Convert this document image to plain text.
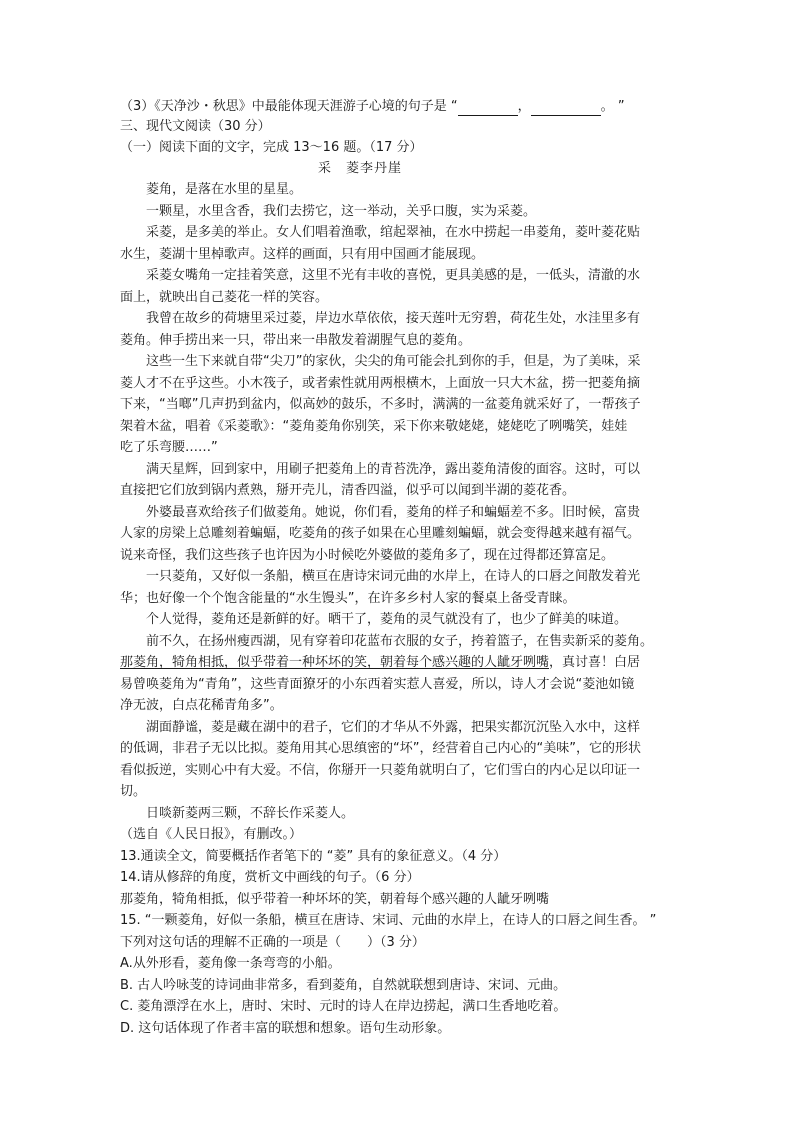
（3）《天净沙・秋思》中最能体现天涯游子心境的句子是 “	，	。 ”
三、现代文阅读（30 分）
（一）阅读下面的文字，完成 13～16 题。（17 分）
采　菱李丹崖
菱角，是落在水里的星星。
一颗星，水里含香，我们去捞它，这一举动，关乎口腹，实为采菱。
采菱，是多美的举止。女人们唱着渔歌，绾起翠袖，在水中捞起一串菱角，菱叶菱花贴
水生，菱湖十里棹歌声。这样的画面，只有用中国画才能展现。
采菱女嘴角一定挂着笑意，这里不光有丰收的喜悦，更具美感的是，一低头，清澈的水
面上，就映出自己菱花一样的笑容。
我曾在故乡的荷塘里采过菱，岸边水草依依，接天莲叶无穷碧，荷花生处，水洼里多有
菱角。伸手捞出来一只，带出来一串散发着湖腥气息的菱角。
这些一生下来就自带“尖刀”的家伙，尖尖的角可能会扎到你的手，但是，为了美味，采
菱人才不在乎这些。小木筏子，或者索性就用两根横木，上面放一只大木盆，捞一把菱角摘
下来，“当啷”几声扔到盆内，似高妙的鼓乐，不多时，满满的一盆菱角就采好了，一帮孩子
架着木盆，唱着《采菱歌》：“菱角菱角你别笑，采下你来敬姥姥，姥姥吃了咧嘴笑，娃娃
吃了乐弯腰……”
满天星辉，回到家中，用刷子把菱角上的青苔洗净，露出菱角清俊的面容。这时，可以
直接把它们放到锅内煮熟，掰开壳儿，清香四溢，似乎可以闻到半湖的菱花香。
外婆最喜欢给孩子们做菱角。她说，你们看，菱角的样子和蝙蝠差不多。旧时候，富贵
人家的房梁上总雕刻着蝙蝠，吃菱角的孩子如果在心里雕刻蝙蝠，就会变得越来越有福气。
说来奇怪，我们这些孩子也许因为小时候吃外婆做的菱角多了，现在过得都还算富足。
一只菱角，又好似一条船，横亘在唐诗宋词元曲的水岸上，在诗人的口唇之间散发着光
华；也好像一个个饱含能量的“水生馒头”，在许多乡村人家的餐桌上备受青睐。
个人觉得，菱角还是新鲜的好。晒干了，菱角的灵气就没有了，也少了鲜美的味道。
前不久，在扬州瘦西湖，见有穿着印花蓝布衣服的女子，挎着篮子，在售卖新采的菱角。
那菱角，犄角相抵，似乎带着一种坏坏的笑，朝着每个感兴趣的人龇牙咧嘴，真讨喜！白居
易曾唤菱角为“青角”，这些青面獠牙的小东西着实惹人喜爱，所以，诗人才会说“菱池如镜
净无波，白点花稀青角多”。
湖面静谧，菱是藏在湖中的君子，它们的才华从不外露，把果实都沉沉坠入水中，这样
的低调，非君子无以比拟。菱角用其心思缜密的“坏”，经营着自己内心的“美味”，它的形状
看似扳逆，实则心中有大爱。不信，你掰开一只菱角就明白了，它们雪白的内心足以印证一
切。
日啖新菱两三颗，不辞长作采菱人。
（选自《人民日报》，有删改。）
13.通读全文，简要概括作者笔下的 “菱” 具有的象征意义。（4 分）
14.请从修辞的角度，赏析文中画线的句子。（6 分）
那菱角，犄角相抵，似乎带着一种坏坏的笑，朝着每个感兴趣的人龇牙咧嘴
15. “一颗菱角，好似一条船，横亘在唐诗、宋词、元曲的水岸上，在诗人的口唇之间生香。 ”
下列对这句话的理解不正确的一项是（　　）（3 分）
A.从外形看，菱角像一条弯弯的小船。
B. 古人吟咏芰的诗词曲非常多，看到菱角，自然就联想到唐诗、宋词、元曲。
C. 菱角漂浮在水上，唐时、宋时、元时的诗人在岸边捞起，满口生香地吃着。
D. 这句话体现了作者丰富的联想和想象。语句生动形象。
